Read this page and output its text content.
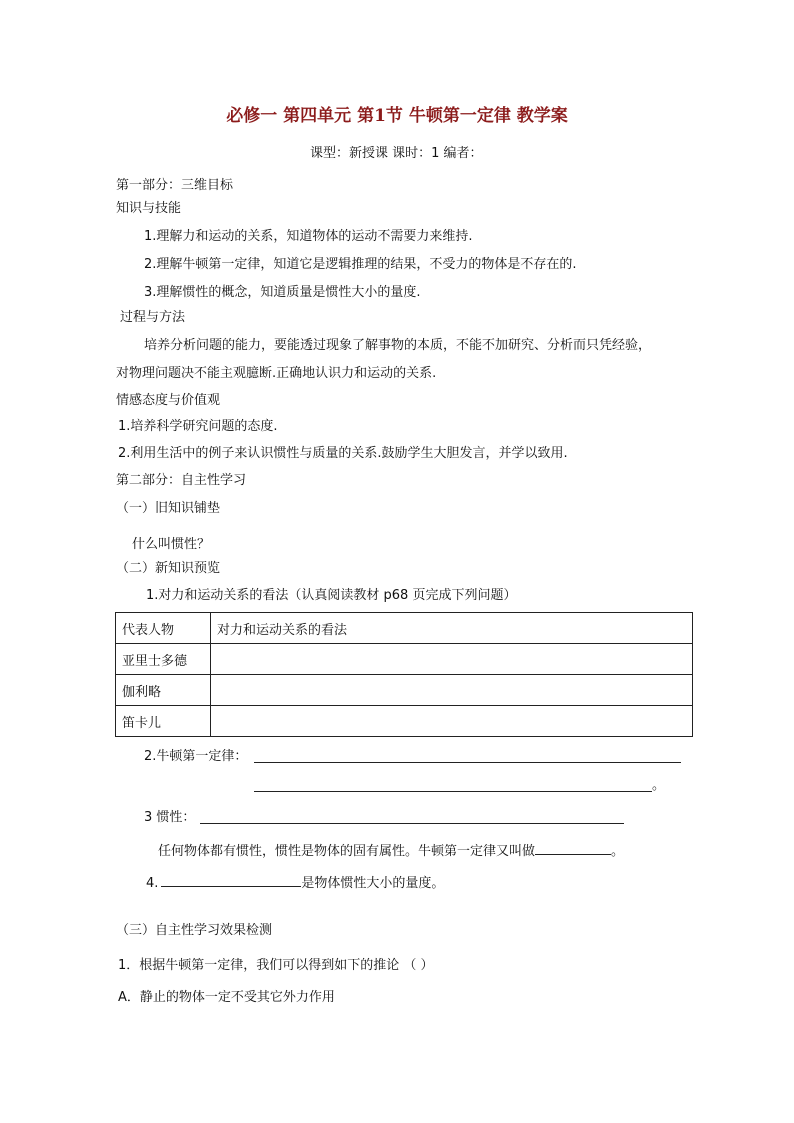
必修一 第四单元 第1节 牛顿第一定律 教学案
课型：新授课 课时：1 编者：
第一部分：三维目标
知识与技能
1.理解力和运动的关系，知道物体的运动不需要力来维持.
2.理解牛顿第一定律，知道它是逻辑推理的结果，不受力的物体是不存在的.
3.理解惯性的概念，知道质量是惯性大小的量度.
过程与方法
培养分析问题的能力，要能透过现象了解事物的本质，不能不加研究、分析而只凭经验，
对物理问题决不能主观臆断.正确地认识力和运动的关系.
情感态度与价值观
1.培养科学研究问题的态度.
2.利用生活中的例子来认识惯性与质量的关系.鼓励学生大胆发言，并学以致用.
第二部分：自主性学习
（一）旧知识铺垫
什么叫惯性？
（二）新知识预览
1.对力和运动关系的看法（认真阅读教材 p68 页完成下列问题）
代表人物	对力和运动关系的看法
亚里士多德	
伽利略	
笛卡儿	
2.牛顿第一定律：
。
3 惯性：
任何物体都有惯性，惯性是物体的固有属性。牛顿第一定律又叫做	。
4.	是物体惯性大小的量度。
（三）自主性学习效果检测
1．根据牛顿第一定律，我们可以得到如下的推论 （ ）
A．静止的物体一定不受其它外力作用
